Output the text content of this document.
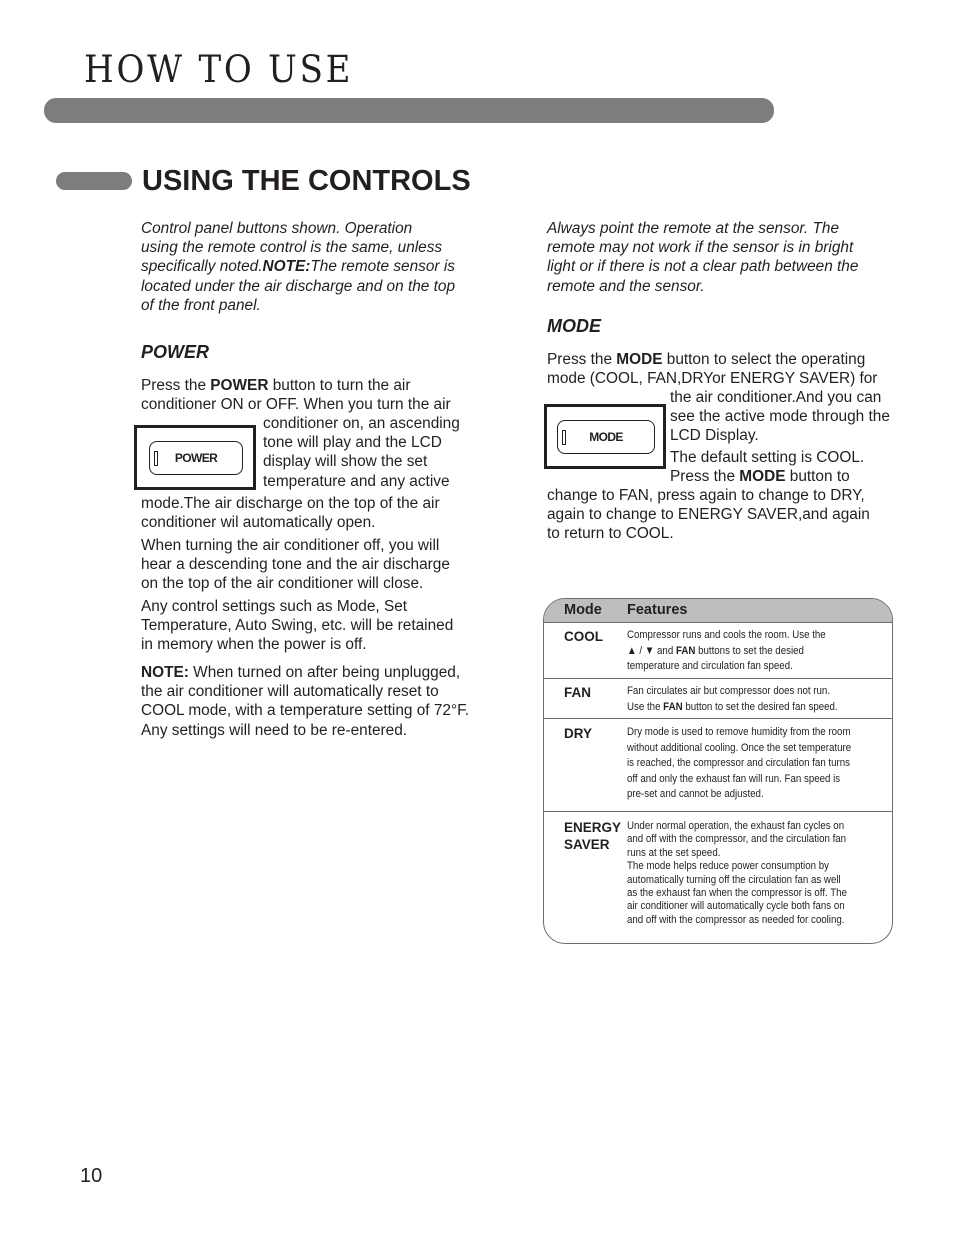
HOW TO USE
USING THE CONTROLS
Control panel buttons shown. Operation
using the remote control is the same, unless
specifically noted.NOTE:The remote sensor is
located under the air discharge and on the top
of the front panel.
POWER
Press the POWER button to turn the air
conditioner ON or OFF. When you turn the air
conditioner on, an ascending
tone will play and the LCD
display will show the set
temperature and any active
mode.The air discharge on the top of the air
conditioner wil automatically open.
POWER
When turning the air conditioner off, you will
hear a descending tone and the air discharge
on the top of the air conditioner will close.
Any control settings such as Mode, Set
Temperature, Auto Swing, etc. will be retained
in memory when the power is off.
NOTE: When turned on after being unplugged,
the air conditioner will automatically reset to
COOL mode, with a temperature setting of 72°F.
Any settings will need to be re-entered.
Always point the remote at the sensor. The
remote may not work if the sensor is in bright
light or if there is not a clear path between the
remote and the sensor.
MODE
Press the MODE button to select the operating
mode (COOL, FAN,DRYor ENERGY SAVER) for
the air conditioner.And you can
see the active mode through the
LCD Display.
The default setting is COOL.
Press the MODE button to
change to FAN, press again to change to DRY,
again to change to ENERGY SAVER,and again
to return to COOL.
MODE
Mode Features
COOL Compressor runs and cools the room. Use the
▲ / ▼ and FAN buttons to set the desied
temperature and circulation fan speed.
FAN	Fan circulates air but compressor does not run.
Use the FAN button to set the desired fan speed.
DRY	Dry mode is used to remove humidity from the room
without additional cooling. Once the set temperature
is reached, the compressor and circulation fan turns
off and only the exhaust fan will run. Fan speed is
pre-set and cannot be adjusted.
ENERGY
SAVER
Under normal operation, the exhaust fan cycles on
and off with the compressor, and the circulation fan
runs at the set speed.
The mode helps reduce power consumption by
automatically turning off the circulation fan as well
as the exhaust fan when the compressor is off. The
air conditioner will automatically cycle both fans on
and off with the compressor as needed for cooling.
10
